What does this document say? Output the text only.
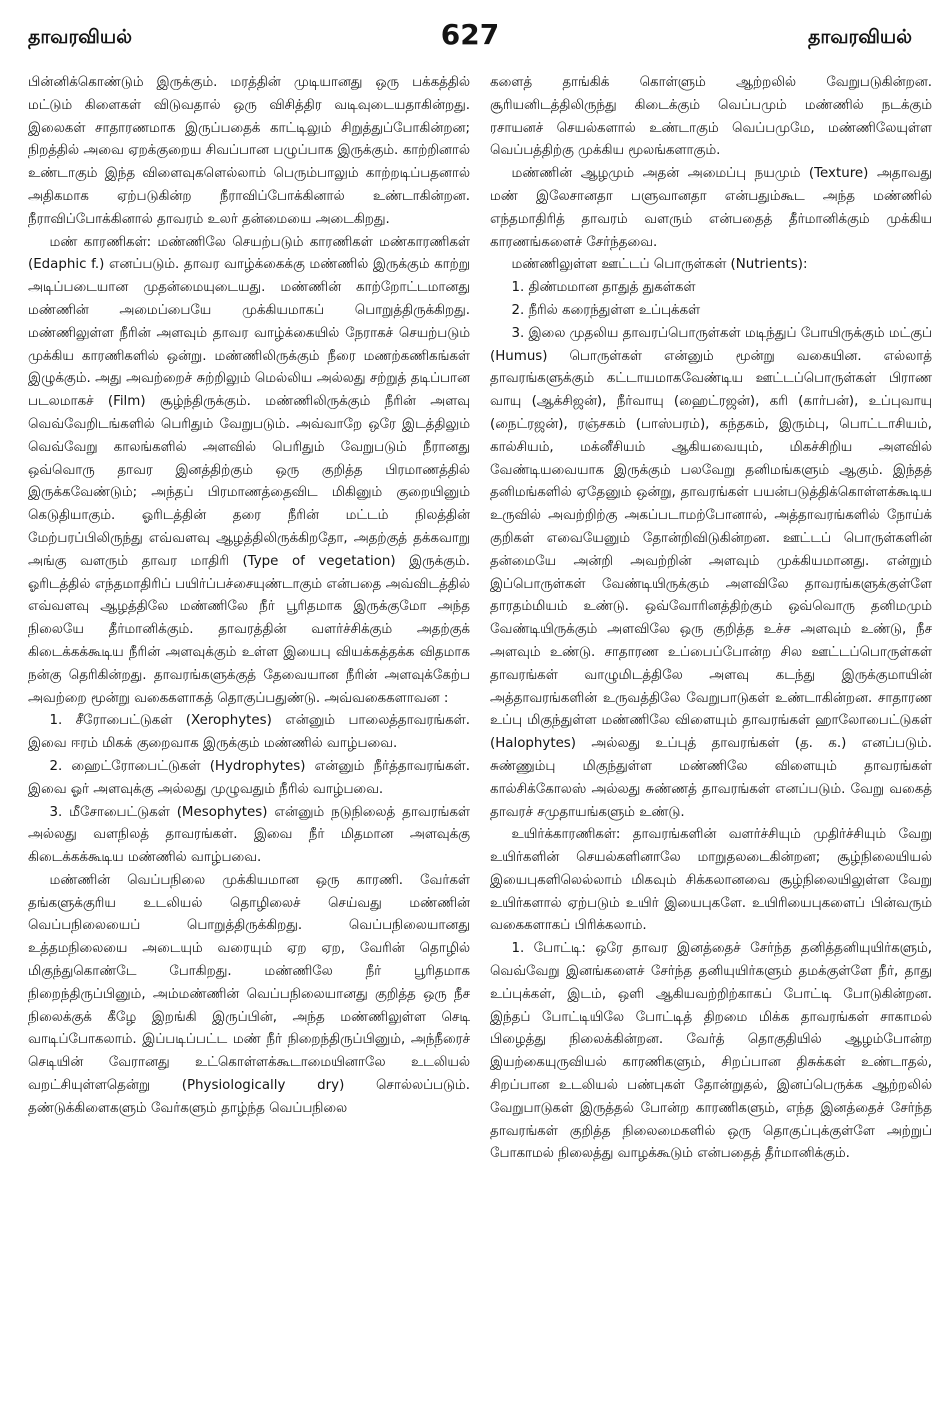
தாவரவியல்	627	தாவரவியல்

பின்னிக்கொண்டும் இருக்கும். மரத்தின் முடியானது ஒரு பக்கத்தில் மட்டும் கிளைகள் விடுவதால் ஒரு விசித்திர வடிவுடையதாகின்றது. இலைகள் சாதாரணமாக இருப்பதைக் காட்டிலும் சிறுத்துப்போகின்றன; நிறத்தில் அவை ஏறக்குறைய சிவப்பான பழுப்பாக இருக்கும். காற்றினால் உண்டாகும் இந்த விளைவுகளெல்லாம் பெரும்பாலும் காற்றடிப்பதனால் அதிகமாக ஏற்படுகின்ற நீராவிப்போக்கினால் உண்டாகின்றன. நீராவிப்போக்கினால் தாவரம் உலர் தன்மையை அடைகிறது.

மண் காரணிகள்: மண்ணிலே செயற்படும் காரணிகள் மண்காரணிகள் (Edaphic f.) எனப்படும். தாவர வாழ்க்கைக்கு மண்ணில் இருக்கும் காற்று அடிப்படையான முதன்மையுடையது. மண்ணின் காற்றோட்டமானது மண்ணின் அமைப்பையே முக்கியமாகப் பொறுத்திருக்கிறது. மண்ணிலுள்ள நீரின் அளவும் தாவர வாழ்க்கையில் நேராகச் செயற்படும் முக்கிய காரணிகளில் ஒன்று. மண்ணிலிருக்கும் நீரை மணற்கணிகங்கள் இழுக்கும். அது அவற்றைச் சுற்றிலும் மெல்லிய அல்லது சற்றுத் தடிப்பான படலமாகச் (Film) சூழ்ந்திருக்கும். மண்ணிலிருக்கும் நீரின் அளவு வெவ்வேறிடங்களில் பெரிதும் வேறுபடும். அவ்வாறே ஒரே இடத்திலும் வெவ்வேறு காலங்களில் அளவில் பெரிதும் வேறுபடும் நீரானது ஒவ்வொரு தாவர இனத்திற்கும் ஒரு குறித்த பிரமாணத்தில் இருக்கவேண்டும்; அந்தப் பிரமாணத்தைவிட மிகினும் குறையினும் கெடுதியாகும். ஓரிடத்தின் தரை நீரின் மட்டம் நிலத்தின் மேற்பரப்பிலிருந்து எவ்வளவு ஆழத்திலிருக்கிறதோ, அதற்குத் தக்கவாறு அங்கு வளரும் தாவர மாதிரி (Type of vegetation) இருக்கும். ஓரிடத்தில் எந்தமாதிரிப் பயிர்ப்பச்சையுண்டாகும் என்பதை அவ்விடத்தில் எவ்வளவு ஆழத்திலே மண்ணிலே நீர் பூரிதமாக இருக்குமோ அந்த நிலையே தீர்மானிக்கும். தாவரத்தின் வளர்ச்சிக்கும் அதற்குக் கிடைக்கக்கூடிய நீரின் அளவுக்கும் உள்ள இயைபு வியக்கத்தக்க விதமாக நன்கு தெரிகின்றது. தாவரங்களுக்குத் தேவையான நீரின் அளவுக்கேற்ப அவற்றை மூன்று வகைகளாகத் தொகுப்பதுண்டு. அவ்வகைகளாவன :

1. சீரோபைட்டுகள் (Xerophytes) என்னும் பாலைத்தாவரங்கள். இவை ஈரம் மிகக் குறைவாக இருக்கும் மண்ணில் வாழ்பவை.

2. ஹைட்ரோபைட்டுகள் (Hydrophytes) என்னும் நீர்த்தாவரங்கள். இவை ஓர் அளவுக்கு அல்லது முழுவதும் நீரில் வாழ்பவை.

3. மீசோபைட்டுகள் (Mesophytes) என்னும் நடுநிலைத் தாவரங்கள் அல்லது வளநிலத் தாவரங்கள். இவை நீர் மிதமான அளவுக்கு கிடைக்கக்கூடிய மண்ணில் வாழ்பவை.

மண்ணின் வெப்பநிலை முக்கியமான ஒரு காரணி. வேர்கள் தங்களுக்குரிய உடலியல் தொழிலைச் செய்வது மண்ணின் வெப்பநிலையைப் பொறுத்திருக்கிறது. வெப்பநிலையானது உத்தமநிலையை அடையும் வரையும் ஏற ஏற, வேரின் தொழில் மிகுந்துகொண்டே போகிறது. மண்ணிலே நீர் பூரிதமாக நிறைந்திருப்பினும், அம்மண்ணின் வெப்பநிலையானது குறித்த ஒரு நீச நிலைக்குக் கீழே இறங்கி இருப்பின், அந்த மண்ணிலுள்ள செடி வாடிப்போகலாம். இப்படிப்பட்ட மண் நீர் நிறைந்திருப்பினும், அந்நீரைச் செடியின் வேரானது உட்கொள்ளக்கூடாமையினாலே உடலியல் வறட்சியுள்ளதென்று (Physiologically dry) சொல்லப்படும். தண்டுக்கிளைகளும் வேர்களும் தாழ்ந்த வெப்பநிலை

களைத் தாங்கிக் கொள்ளும் ஆற்றலில் வேறுபடுகின்றன. சூரியனிடத்திலிருந்து கிடைக்கும் வெப்பமும் மண்ணில் நடக்கும் ரசாயனச் செயல்களால் உண்டாகும் வெப்பமுமே, மண்ணிலேயுள்ள வெப்பத்திற்கு முக்கிய மூலங்களாகும்.

மண்ணின் ஆழமும் அதன் அமைப்பு நயமும் (Texture) அதாவது மண் இலேசானதா பளுவானதா என்பதும்கூட அந்த மண்ணில் எந்தமாதிரித் தாவரம் வளரும் என்பதைத் தீர்மானிக்கும் முக்கிய காரணங்களைச் சேர்ந்தவை.

மண்ணிலுள்ள ஊட்டப் பொருள்கள் (Nutrients):

1. திண்மமான தாதுத் துகள்கள்

2. நீரில் கரைந்துள்ள உப்புக்கள்

3. இலை முதலிய தாவரப்பொருள்கள் மடிந்துப் போயிருக்கும் மட்குப் (Humus) பொருள்கள் என்னும் மூன்று வகையின. எல்லாத் தாவரங்களுக்கும் கட்டாயமாகவேண்டிய ஊட்டப்பொருள்கள் பிராண வாயு (ஆக்சிஜன்), நீர்வாயு (ஹைட்ரஜன்), கரி (கார்பன்), உப்புவாயு (நைட்ரஜன்), ரஞ்சகம் (பாஸ்பரம்), கந்தகம், இரும்பு, பொட்டாசியம், கால்சியம், மக்னீசியம் ஆகியவையும், மிகச்சிறிய அளவில் வேண்டியவையாக இருக்கும் பலவேறு தனிமங்களும் ஆகும். இந்தத் தனிமங்களில் ஏதேனும் ஒன்று, தாவரங்கள் பயன்படுத்திக்கொள்ளக்கூடிய உருவில் அவற்றிற்கு அகப்படாமற்போனால், அத்தாவரங்களில் நோய்க் குறிகள் எவையேனும் தோன்றிவிடுகின்றன. ஊட்டப் பொருள்களின் தன்மையே அன்றி அவற்றின் அளவும் முக்கியமானது. என்றும் இப்பொருள்கள் வேண்டியிருக்கும் அளவிலே தாவரங்களுக்குள்ளே தாரதம்மியம் உண்டு. ஒவ்வோரினத்திற்கும் ஒவ்வொரு தனிமமும் வேண்டியிருக்கும் அளவிலே ஒரு குறித்த உச்ச அளவும் உண்டு, நீச அளவும் உண்டு. சாதாரண உப்பைப்போன்ற சில ஊட்டப்பொருள்கள் தாவரங்கள் வாழுமிடத்திலே அளவு கடந்து இருக்குமாயின் அத்தாவரங்களின் உருவத்திலே வேறுபாடுகள் உண்டாகின்றன. சாதாரண உப்பு மிகுந்துள்ள மண்ணிலே விளையும் தாவரங்கள் ஹாலோபைட்டுகள் (Halophytes) அல்லது உப்புத் தாவரங்கள் (த. க.) எனப்படும். சுண்ணும்பு மிகுந்துள்ள மண்ணிலே விளையும் தாவரங்கள் கால்சிக்கோலஸ் அல்லது சுண்ணத் தாவரங்கள் எனப்படும். வேறு வகைத் தாவரச் சமுதாயங்களும் உண்டு.

உயிர்க்காரணிகள்: தாவரங்களின் வளர்ச்சியும் முதிர்ச்சியும் வேறு உயிர்களின் செயல்களினாலே மாறுதலடைகின்றன; சூழ்நிலையியல் இயைபுகளிலெல்லாம் மிகவும் சிக்கலானவை சூழ்நிலையிலுள்ள வேறு உயிர்களால் ஏற்படும் உயிர் இயைபுகளே. உயிரியைபுகளைப் பின்வரும் வகைகளாகப் பிரிக்கலாம்.

1. போட்டி: ஒரே தாவர இனத்தைச் சேர்ந்த தனித்தனியுயிர்களும், வெவ்வேறு இனங்களைச் சேர்ந்த தனியுயிர்களும் தமக்குள்ளே நீர், தாது உப்புக்கள், இடம், ஒளி ஆகியவற்றிற்காகப் போட்டி போடுகின்றன. இந்தப் போட்டியிலே போட்டித் திறமை மிக்க தாவரங்கள் சாகாமல் பிழைத்து நிலைக்கின்றன. வேர்த் தொகுதியில் ஆழம்போன்ற இயற்கையுருவியல் காரணிகளும், சிறப்பான திசுக்கள் உண்டாதல், சிறப்பான உடலியல் பண்புகள் தோன்றுதல், இனப்பெருக்க ஆற்றலில் வேறுபாடுகள் இருத்தல் போன்ற காரணிகளும், எந்த இனத்தைச் சேர்ந்த தாவரங்கள் குறித்த நிலைமைகளில் ஒரு தொகுப்புக்குள்ளே அற்றுப் போகாமல் நிலைத்து வாழக்கூடும் என்பதைத் தீர்மானிக்கும்.
